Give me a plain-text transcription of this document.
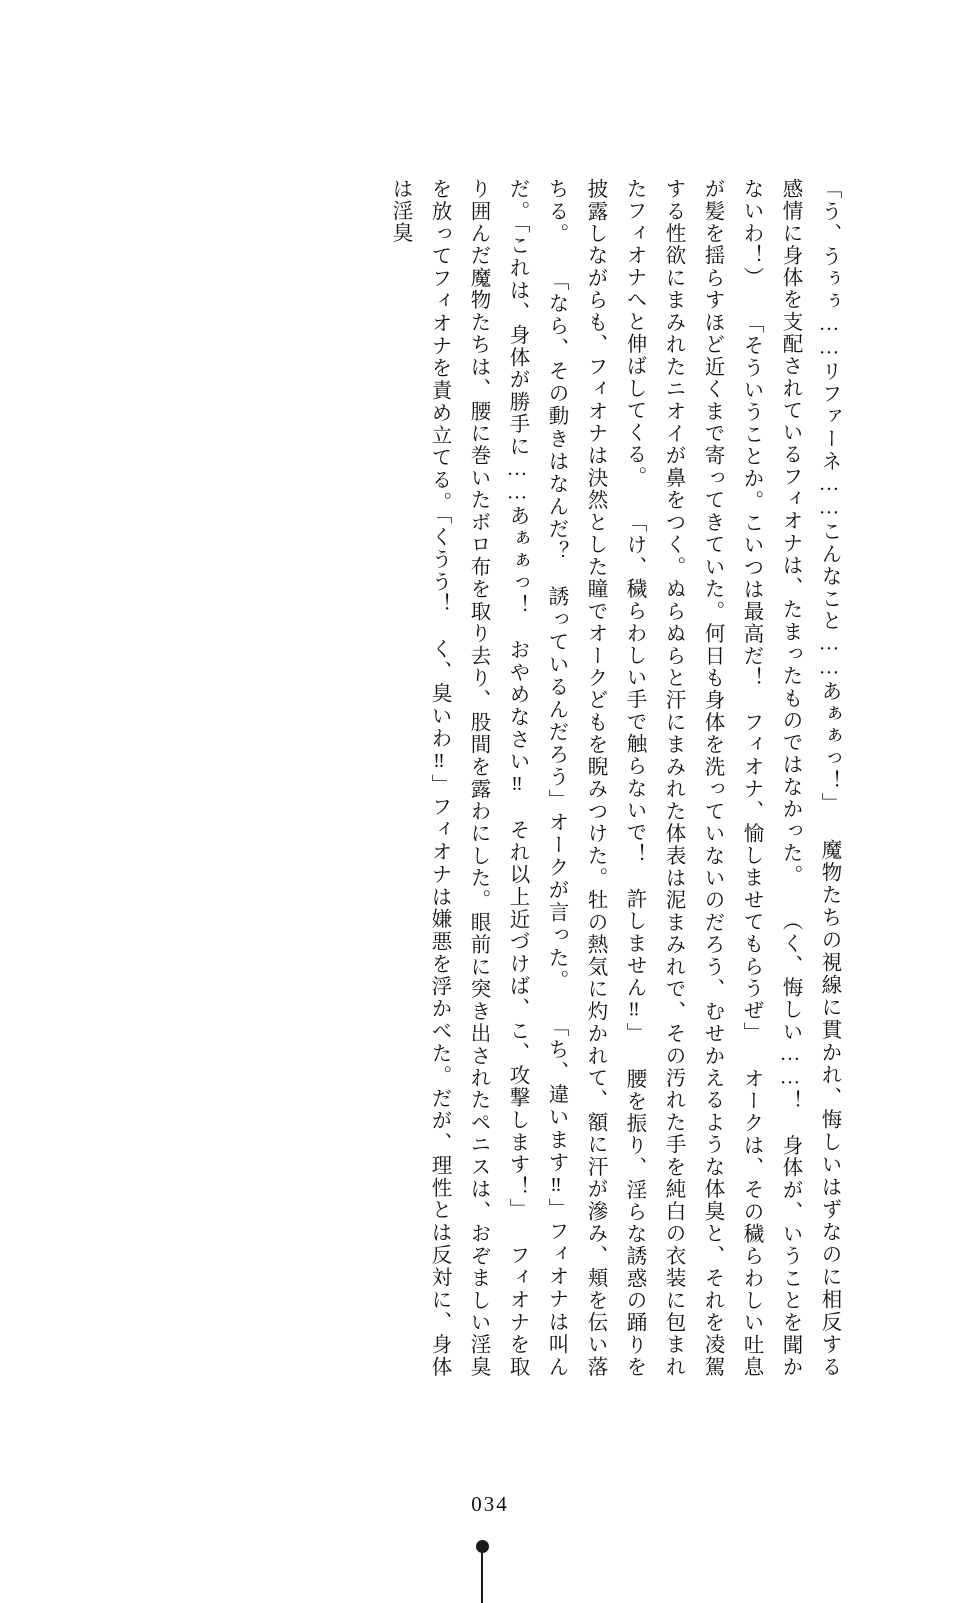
「う、うぅぅ……リファーネ……こんなこと……あぁぁっ！」 魔物たちの視線に貫かれ、悔しいはずなのに相反する感情に身体を支配されているフィオナは、たまったものではなかった。 （く、悔しい……！　身体が、いうことを聞かないわ！） 「そういうことか。こいつは最高だ！　フィオナ、愉しませてもらうぜ」 オークは、その穢らわしい吐息が髪を揺らすほど近くまで寄ってきていた。何日も身体を洗っていないのだろう、むせかえるような体臭と、それを凌駕する性欲にまみれたニオイが鼻をつく。ぬらぬらと汗にまみれた体表は泥まみれで、その汚れた手を純白の衣装に包まれたフィオナへと伸ばしてくる。 「け、穢らわしい手で触らないで！　許しません‼」 腰を振り、淫らな誘惑の踊りを披露しながらも、フィオナは決然とした瞳でオークどもを睨みつけた。牡の熱気に灼かれて、額に汗が滲み、頬を伝い落ちる。 「なら、その動きはなんだ？　誘っているんだろう」オークが言った。 「ち、違います‼」フィオナは叫んだ。「これは、身体が勝手に……あぁぁっ！　おやめなさい‼　それ以上近づけば、こ、攻撃します！」 フィオナを取り囲んだ魔物たちは、腰に巻いたボロ布を取り去り、股間を露わにした。眼前に突き出されたペニスは、おぞましい淫臭を放ってフィオナを責め立てる。「くうう！　く、臭いわ‼」フィオナは嫌悪を浮かべた。だが、理性とは反対に、身体は淫臭

034
